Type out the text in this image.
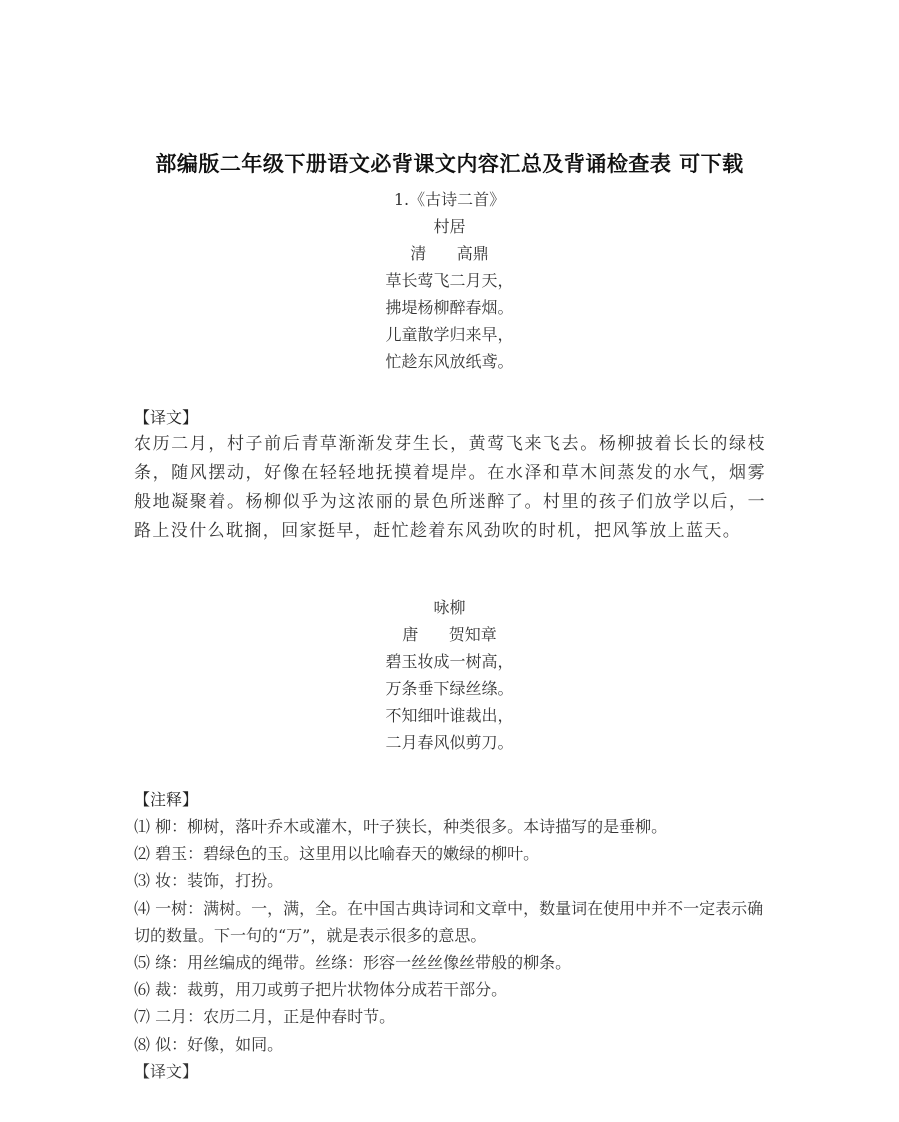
部编版二年级下册语文必背课文内容汇总及背诵检查表 可下载
1.《古诗二首》
村居
清      高鼎
草长莺飞二月天，
拂堤杨柳醉春烟。
儿童散学归来早，
忙趁东风放纸鸢。
【译文】
农历二月，村子前后青草渐渐发芽生长，黄莺飞来飞去。杨柳披着长长的绿枝条，随风摆动，好像在轻轻地抚摸着堤岸。在水泽和草木间蒸发的水气，烟雾般地凝聚着。杨柳似乎为这浓丽的景色所迷醉了。村里的孩子们放学以后，一路上没什么耽搁，回家挺早，赶忙趁着东风劲吹的时机，把风筝放上蓝天。
咏柳
唐      贺知章
碧玉妆成一树高，
万条垂下绿丝绦。
不知细叶谁裁出，
二月春风似剪刀。
【注释】
⑴ 柳：柳树，落叶乔木或灌木，叶子狭长，种类很多。本诗描写的是垂柳。
⑵ 碧玉：碧绿色的玉。这里用以比喻春天的嫩绿的柳叶。
⑶ 妆：装饰，打扮。
⑷ 一树：满树。一，满，全。在中国古典诗词和文章中，数量词在使用中并不一定表示确切的数量。下一句的“万”，就是表示很多的意思。
⑸ 绦：用丝编成的绳带。丝绦：形容一丝丝像丝带般的柳条。
⑹ 裁：裁剪，用刀或剪子把片状物体分成若干部分。
⑺ 二月：农历二月，正是仲春时节。
⑻ 似：好像，如同。
【译文】
